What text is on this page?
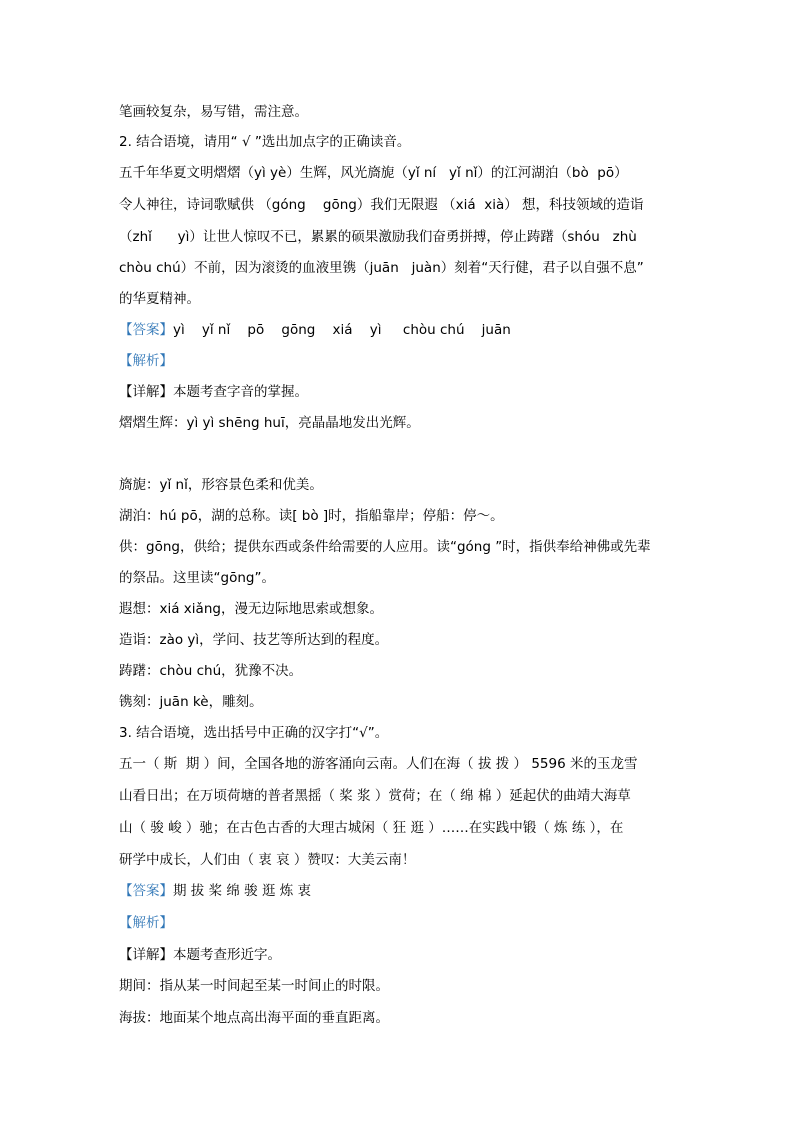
笔画较复杂，易写错，需注意。
2. 结合语境，请用“ √ ”选出加点字的正确读音。
五千年华夏文明熠熠（yì yè）生辉，风光旖旎（yǐ ní   yǐ nǐ）的江河湖泊（bò  pō）
令人神往，诗词歌赋供 （góng    gōng）我们无限遐 （xiá  xià） 想，科技领域的造诣
（zhǐ      yì）让世人惊叹不已，累累的硕果激励我们奋勇拼搏，停止踌躇（shóu   zhù
chòu chú）不前，因为滚烫的血液里镌（juān   juàn）刻着“天行健，君子以自强不息”
的华夏精神。
【答案】yì    yǐ nǐ    pō    gōng    xiá    yì     chòu chú    juān
【解析】
【详解】本题考查字音的掌握。
熠熠生辉：yì yì shēng huī，亮晶晶地发出光辉。
旖旎：yǐ nǐ，形容景色柔和优美。
湖泊：hú pō，湖的总称。读[ bò ]时，指船靠岸；停船：停～。
供：gōng，供给；提供东西或条件给需要的人应用。读“góng ”时，指供奉给神佛或先辈
的祭品。这里读“gōng”。
遐想：xiá xiǎng，漫无边际地思索或想象。
造诣：zào yì，学问、技艺等所达到的程度。
踌躇：chòu chú，犹豫不决。
镌刻：juān kè，雕刻。
3. 结合语境，选出括号中正确的汉字打“√”。
五一（ 斯  期 ）间，全国各地的游客涌向云南。人们在海（ 拔 拨 ） 5596 米的玉龙雪
山看日出；在万顷荷塘的普者黑摇（ 桨 浆 ）赏荷；在（ 绵 棉 ）延起伏的曲靖大海草
山（ 骏 峻 ）驰；在古色古香的大理古城闲（ 狂 逛 ）……在实践中锻（ 炼 练 ），在
研学中成长，人们由（ 衷 哀 ）赞叹：大美云南！
【答案】期 拔 桨 绵 骏 逛 炼 衷
【解析】
【详解】本题考查形近字。
期间：指从某一时间起至某一时间止的时限。
海拔：地面某个地点高出海平面的垂直距离。
